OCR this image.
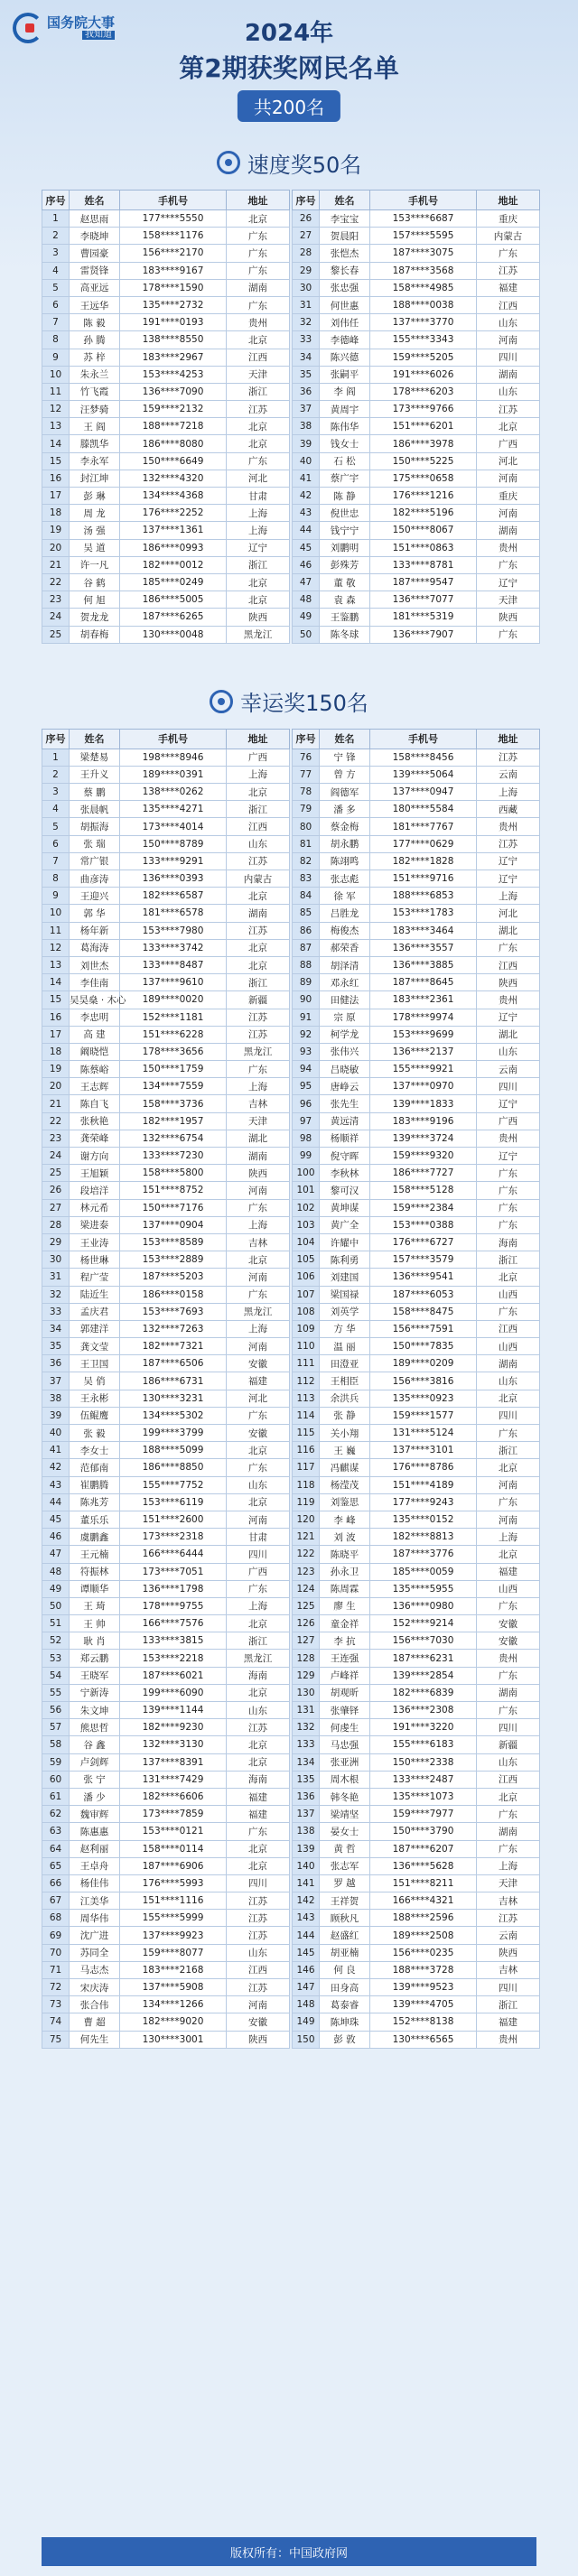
国务院大事
我知道	2024年
第2期获奖网民名单
共200名
速度奖50名
序号	姓名	手机号	地址
1	赵思雨	177****5550	北京
2	李晓坤	158****1176	广东
3	曹园豪	156****2170	广东
4	雷贤锋	183****9167	广东
5	高亚远	178****1590	湖南
6	王远华	135****2732	广东
7	陈 毅	191****0193	贵州
8	孙 腾	138****8550	北京
9	苏 梓	183****2967	江西
10	朱永兰	153****4253	天津
11	竹飞霞	136****7090	浙江
12	汪梦骑	159****2132	江苏
13	王 阎	188****7218	北京
14	滕凯华	186****8080	北京
15	李永军	150****6649	广东
16	封江坤	132****4320	河北
17	彭 琳	134****4368	甘肃
18	周 龙	176****2252	上海
19	汤 强	137****1361	上海
20	吴 道	186****0993	辽宁
21	许一凡	182****0012	浙江
22	谷 鹤	185****0249	北京
23	何 旭	186****5005	北京
24	贺龙龙	187****6265	陕西
25	胡春梅	130****0048	黑龙江
序号	姓名	手机号	地址
26	李宝宝	153****6687	重庆
27	贺晨阳	157****5595	内蒙古
28	张恺杰	187****3075	广东
29	黎长春	187****3568	江苏
30	张忠强	158****4985	福建
31	何世惠	188****0038	江西
32	刘伟任	137****3770	山东
33	李德峰	155****3343	河南
34	陈兴德	159****5205	四川
35	张嗣平	191****6026	湖南
36	李 阎	178****6203	山东
37	黄周宇	173****9766	江苏
38	陈伟华	151****6201	北京
39	钱女士	186****3978	广西
40	石 松	150****5225	河北
41	蔡广宇	175****0658	河南
42	陈 静	176****1216	重庆
43	倪世忠	182****5196	河南
44	钱宁宁	150****8067	湖南
45	刘鹏明	151****0863	贵州
46	彭殊芳	133****8781	广东
47	董 敬	187****9547	辽宁
48	袁 森	136****7077	天津
49	王鉴鹏	181****5319	陕西
50	陈冬球	136****7907	广东
幸运奖150名
序号	姓名	手机号	地址
1	梁楚易	198****8946	广西
2	王升义	189****0391	上海
3	蔡 鹏	138****0262	北京
4	张晨帆	135****4271	浙江
5	胡振海	173****4014	江西
6	张 瑞	150****8789	山东
7	常广银	133****9291	江苏
8	曲彦涛	136****0393	内蒙古
9	王迎兴	182****6587	北京
10	郭 华	181****6578	湖南
11	杨年新	153****7980	江苏
12	葛海涛	133****3742	北京
13	刘世杰	133****8487	北京
14	李佳南	137****9610	浙江
15	吴昊燊 · 木心	189****0020	新疆
16	李忠明	152****1181	江苏
17	高 建	151****6228	江苏
18	阚晓恺	178****3656	黑龙江
19	陈蔡峪	150****1759	广东
20	王志辉	134****7559	上海
21	陈自飞	158****3736	吉林
22	张秋艳	182****1957	天津
23	龚荣峰	132****6754	湖北
24	谢方向	133****7230	湖南
25	王旭颖	158****5800	陕西
26	段培洋	151****8752	河南
27	林元希	150****7176	广东
28	梁进泰	137****0904	上海
29	王业涛	153****8589	吉林
30	杨世琳	153****2889	北京
31	程广莹	187****5203	河南
32	陆近生	186****0158	广东
33	孟庆君	153****7693	黑龙江
34	郭建洋	132****7263	上海
35	龚文莹	182****7321	河南
36	王卫国	187****6506	安徽
37	吴 俏	186****6731	福建
38	王永彬	130****3231	河北
39	伍鲲鹰	134****5302	广东
40	张 毅	199****3799	安徽
41	李女士	188****5099	北京
42	范郁南	186****8850	广东
43	崔鹏腾	155****7752	山东
44	陈兆芳	153****6119	北京
45	董乐乐	151****2600	河南
46	虞鹏鑫	173****2318	甘肃
47	王元楠	166****6444	四川
48	符振林	173****7051	广西
49	谭顺华	136****1798	广东
50	王 琦	178****9755	上海
51	王 帅	166****7576	北京
52	耿 肖	133****3815	浙江
53	郑云鹏	153****2218	黑龙江
54	王晓军	187****6021	海南
55	宁新涛	199****6090	北京
56	朱文坤	139****1144	山东
57	熊思哲	182****9230	江苏
58	谷 鑫	132****3130	北京
59	卢剑辉	137****8391	北京
60	张 宁	131****7429	海南
61	潘 少	182****6606	福建
62	魏审辉	173****7859	福建
63	陈惠惠	153****0121	广东
64	赵利丽	158****0114	北京
65	王卓舟	187****6906	北京
66	杨佳伟	176****5993	四川
67	江美华	151****1116	江苏
68	周华伟	155****5999	江苏
69	沈广进	137****9923	江苏
70	苏同全	159****8077	山东
71	马志杰	183****2168	江西
72	宋庆涛	137****5908	江苏
73	张合伟	134****1266	河南
74	曹 超	182****9020	安徽
75	何先生	130****3001	陕西
序号	姓名	手机号	地址
76	宁 锋	158****8456	江苏
77	曾 方	139****5064	云南
78	阎德军	137****0947	上海
79	潘 多	180****5584	西藏
80	蔡金梅	181****7767	贵州
81	胡永鹏	177****0629	江苏
82	陈翊鸣	182****1828	辽宁
83	张志彪	151****9716	辽宁
84	徐 军	188****6853	上海
85	吕胜龙	153****1783	河北
86	梅俊杰	183****3464	湖北
87	郝荣香	136****3557	广东
88	胡泽清	136****3885	江西
89	邓永红	187****8645	陕西
90	田健法	183****2361	贵州
91	宗 原	178****9974	辽宁
92	柯学龙	153****9699	湖北
93	张伟兴	136****2137	山东
94	吕晓敏	155****9921	云南
95	唐峥云	137****0970	四川
96	张先生	139****1833	辽宁
97	黄远清	183****9196	广西
98	杨顺祥	139****3724	贵州
99	倪守晖	159****9320	辽宁
100	李秋林	186****7727	广东
101	黎可汉	158****5128	广东
102	黄坤谋	159****2384	广东
103	黄广全	153****0388	广东
104	许耀中	176****6727	海南
105	陈利勇	157****3579	浙江
106	刘建国	136****9541	北京
107	梁国禄	187****6053	山西
108	刘英学	158****8475	广东
109	方 华	156****7591	江西
110	温 丽	150****7835	山西
111	田澄亚	189****0209	湖南
112	王相臣	156****3816	山东
113	余洪兵	135****0923	北京
114	张 静	159****1577	四川
115	关小翔	131****5124	广东
116	王 巍	137****3101	浙江
117	冯麒谋	176****8786	北京
118	杨滢茂	151****4189	河南
119	刘鉴思	177****9243	广东
120	李 峰	135****0152	河南
121	刘 波	182****8813	上海
122	陈晓平	187****3776	北京
123	孙永卫	185****0059	福建
124	陈周霖	135****5955	山西
125	廖 生	136****0980	广东
126	童金祥	152****9214	安徽
127	李 抗	156****7030	安徽
128	王连强	187****6231	贵州
129	卢峰祥	139****2854	广东
130	胡观昕	182****6839	湖南
131	张肇铎	136****2308	广东
132	何虔生	191****3220	四川
133	马忠强	155****6183	新疆
134	张亚洲	150****2338	山东
135	周木根	133****2487	江西
136	韩冬艳	135****1073	北京
137	梁靖坚	159****7977	广东
138	晏女士	150****3790	湖南
139	黄 哲	187****6207	广东
140	张志军	136****5628	上海
141	罗 越	151****8211	天津
142	王祥贺	166****4321	吉林
143	顾秋凡	188****2596	江苏
144	赵盛红	189****2508	云南
145	胡亚楠	156****0235	陕西
146	何 良	188****3728	吉林
147	田身高	139****9523	四川
148	葛泰睿	139****4705	浙江
149	陈坤珠	152****8138	福建
150	彭 敦	130****6565	贵州
版权所有：中国政府网
